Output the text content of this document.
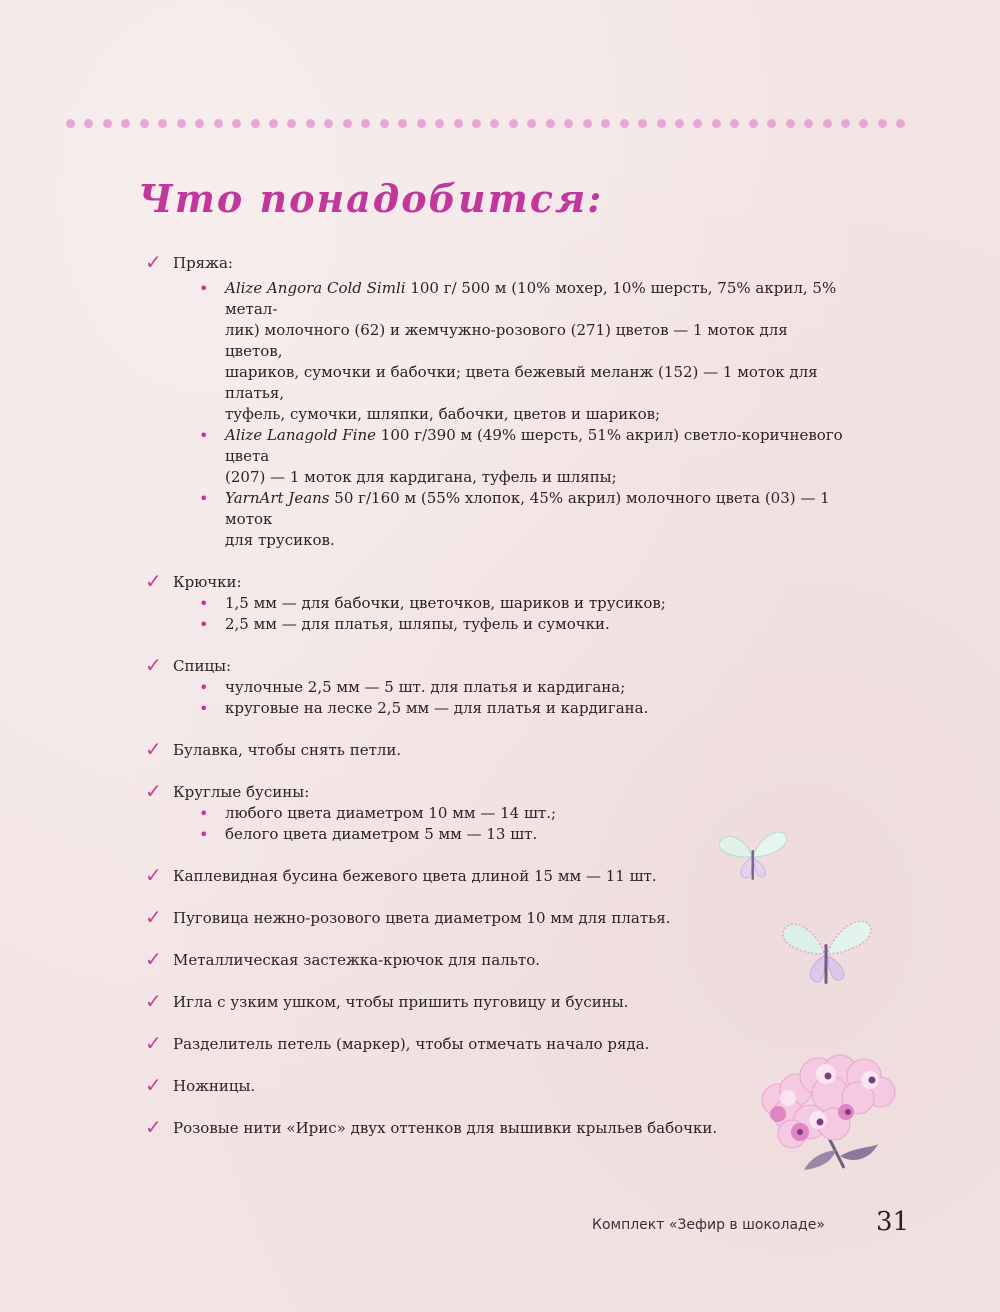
Что понадобится:
✓ Пряжа:
• Alize Angora Cold Simli 100 г/ 500 м (10% мохер, 10% шерсть, 75% акрил, 5% метал-
лик) молочного (62) и жемчужно-розового (271) цветов — 1 моток для цветов,
шариков, сумочки и бабочки; цвета бежевый меланж (152) — 1 моток для платья,
туфель, сумочки, шляпки, бабочки, цветов и шариков;
• Alize Lanagold Fine 100 г/390 м (49% шерсть, 51% акрил) светло-коричневого цвета
(207) — 1 моток для кардигана, туфель и шляпы;
• YarnArt Jeans 50 г/160 м (55% хлопок, 45% акрил) молочного цвета (03) — 1 моток
для трусиков.
✓ Крючки:
• 1,5 мм — для бабочки, цветочков, шариков и трусиков;
• 2,5 мм — для платья, шляпы, туфель и сумочки.
✓ Спицы:
• чулочные 2,5 мм — 5 шт. для платья и кардигана;
• круговые на леске 2,5 мм — для платья и кардигана.
✓ Булавка, чтобы снять петли.
✓ Круглые бусины:
• любого цвета диаметром 10 мм — 14 шт.;
• белого цвета диаметром 5 мм — 13 шт.
✓ Каплевидная бусина бежевого цвета длиной 15 мм — 11 шт.
✓ Пуговица нежно-розового цвета диаметром 10 мм для платья.
✓ Металлическая застежка-крючок для пальто.
✓ Игла с узким ушком, чтобы пришить пуговицу и бусины.
✓ Разделитель петель (маркер), чтобы отмечать начало ряда.
✓ Ножницы.
✓ Розовые нити «Ирис» двух оттенков для вышивки крыльев бабочки.
Комплект «Зефир в шоколаде» 31
